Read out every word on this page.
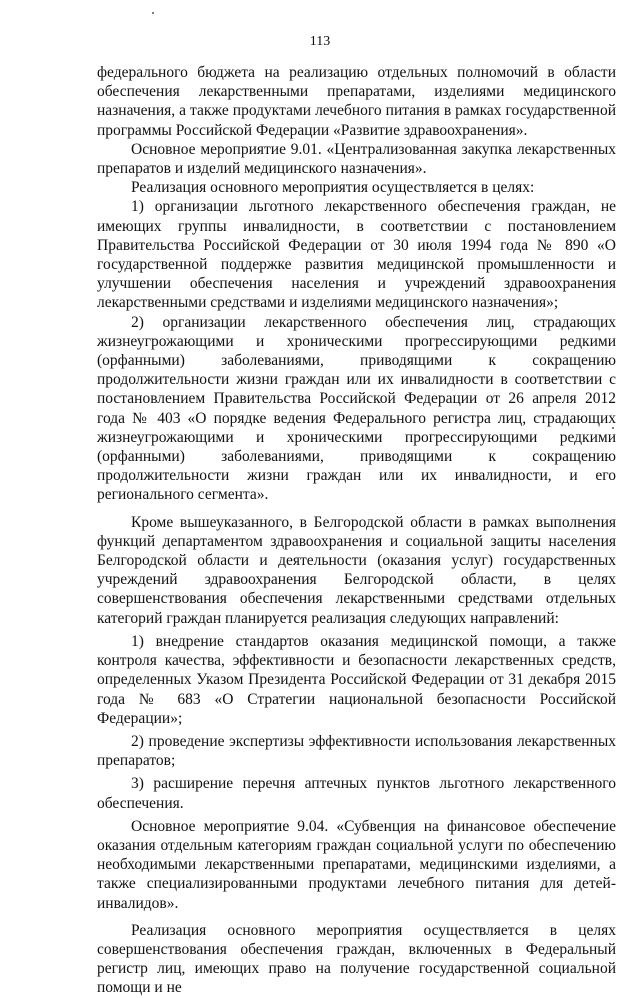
113

федерального бюджета на реализацию отдельных полномочий в области обеспечения лекарственными препаратами, изделиями медицинского назначения, а также продуктами лечебного питания в рамках государственной программы Российской Федерации «Развитие здравоохранения».

Основное мероприятие 9.01. «Централизованная закупка лекарственных препаратов и изделий медицинского назначения».

Реализация основного мероприятия осуществляется в целях:

1) организации льготного лекарственного обеспечения граждан, не имеющих группы инвалидности, в соответствии с постановлением Правительства Российской Федерации от 30 июля 1994 года № 890 «О государственной поддержке развития медицинской промышленности и улучшении обеспечения населения и учреждений здравоохранения лекарственными средствами и изделиями медицинского назначения»;

2) организации лекарственного обеспечения лиц, страдающих жизнеугрожающими и хроническими прогрессирующими редкими (орфанными) заболеваниями, приводящими к сокращению продолжительности жизни граждан или их инвалидности в соответствии с постановлением Правительства Российской Федерации от 26 апреля 2012 года № 403 «О порядке ведения Федерального регистра лиц, страдающих жизнеугрожающими и хроническими прогрессирующими редкими (орфанными) заболеваниями, приводящими к сокращению продолжительности жизни граждан или их инвалидности, и его регионального сегмента».

Кроме вышеуказанного, в Белгородской области в рамках выполнения функций департаментом здравоохранения и социальной защиты населения Белгородской области и деятельности (оказания услуг) государственных учреждений здравоохранения Белгородской области, в целях совершенствования обеспечения лекарственными средствами отдельных категорий граждан планируется реализация следующих направлений:

1) внедрение стандартов оказания медицинской помощи, а также контроля качества, эффективности и безопасности лекарственных средств, определенных Указом Президента Российской Федерации от 31 декабря 2015 года № 683 «О Стратегии национальной безопасности Российской Федерации»;

2) проведение экспертизы эффективности использования лекарственных препаратов;

3) расширение перечня аптечных пунктов льготного лекарственного обеспечения.

Основное мероприятие 9.04. «Субвенция на финансовое обеспечение оказания отдельным категориям граждан социальной услуги по обеспечению необходимыми лекарственными препаратами, медицинскими изделиями, а также специализированными продуктами лечебного питания для детей-инвалидов».

Реализация основного мероприятия осуществляется в целях совершенствования обеспечения граждан, включенных в Федеральный регистр лиц, имеющих право на получение государственной социальной помощи и не
